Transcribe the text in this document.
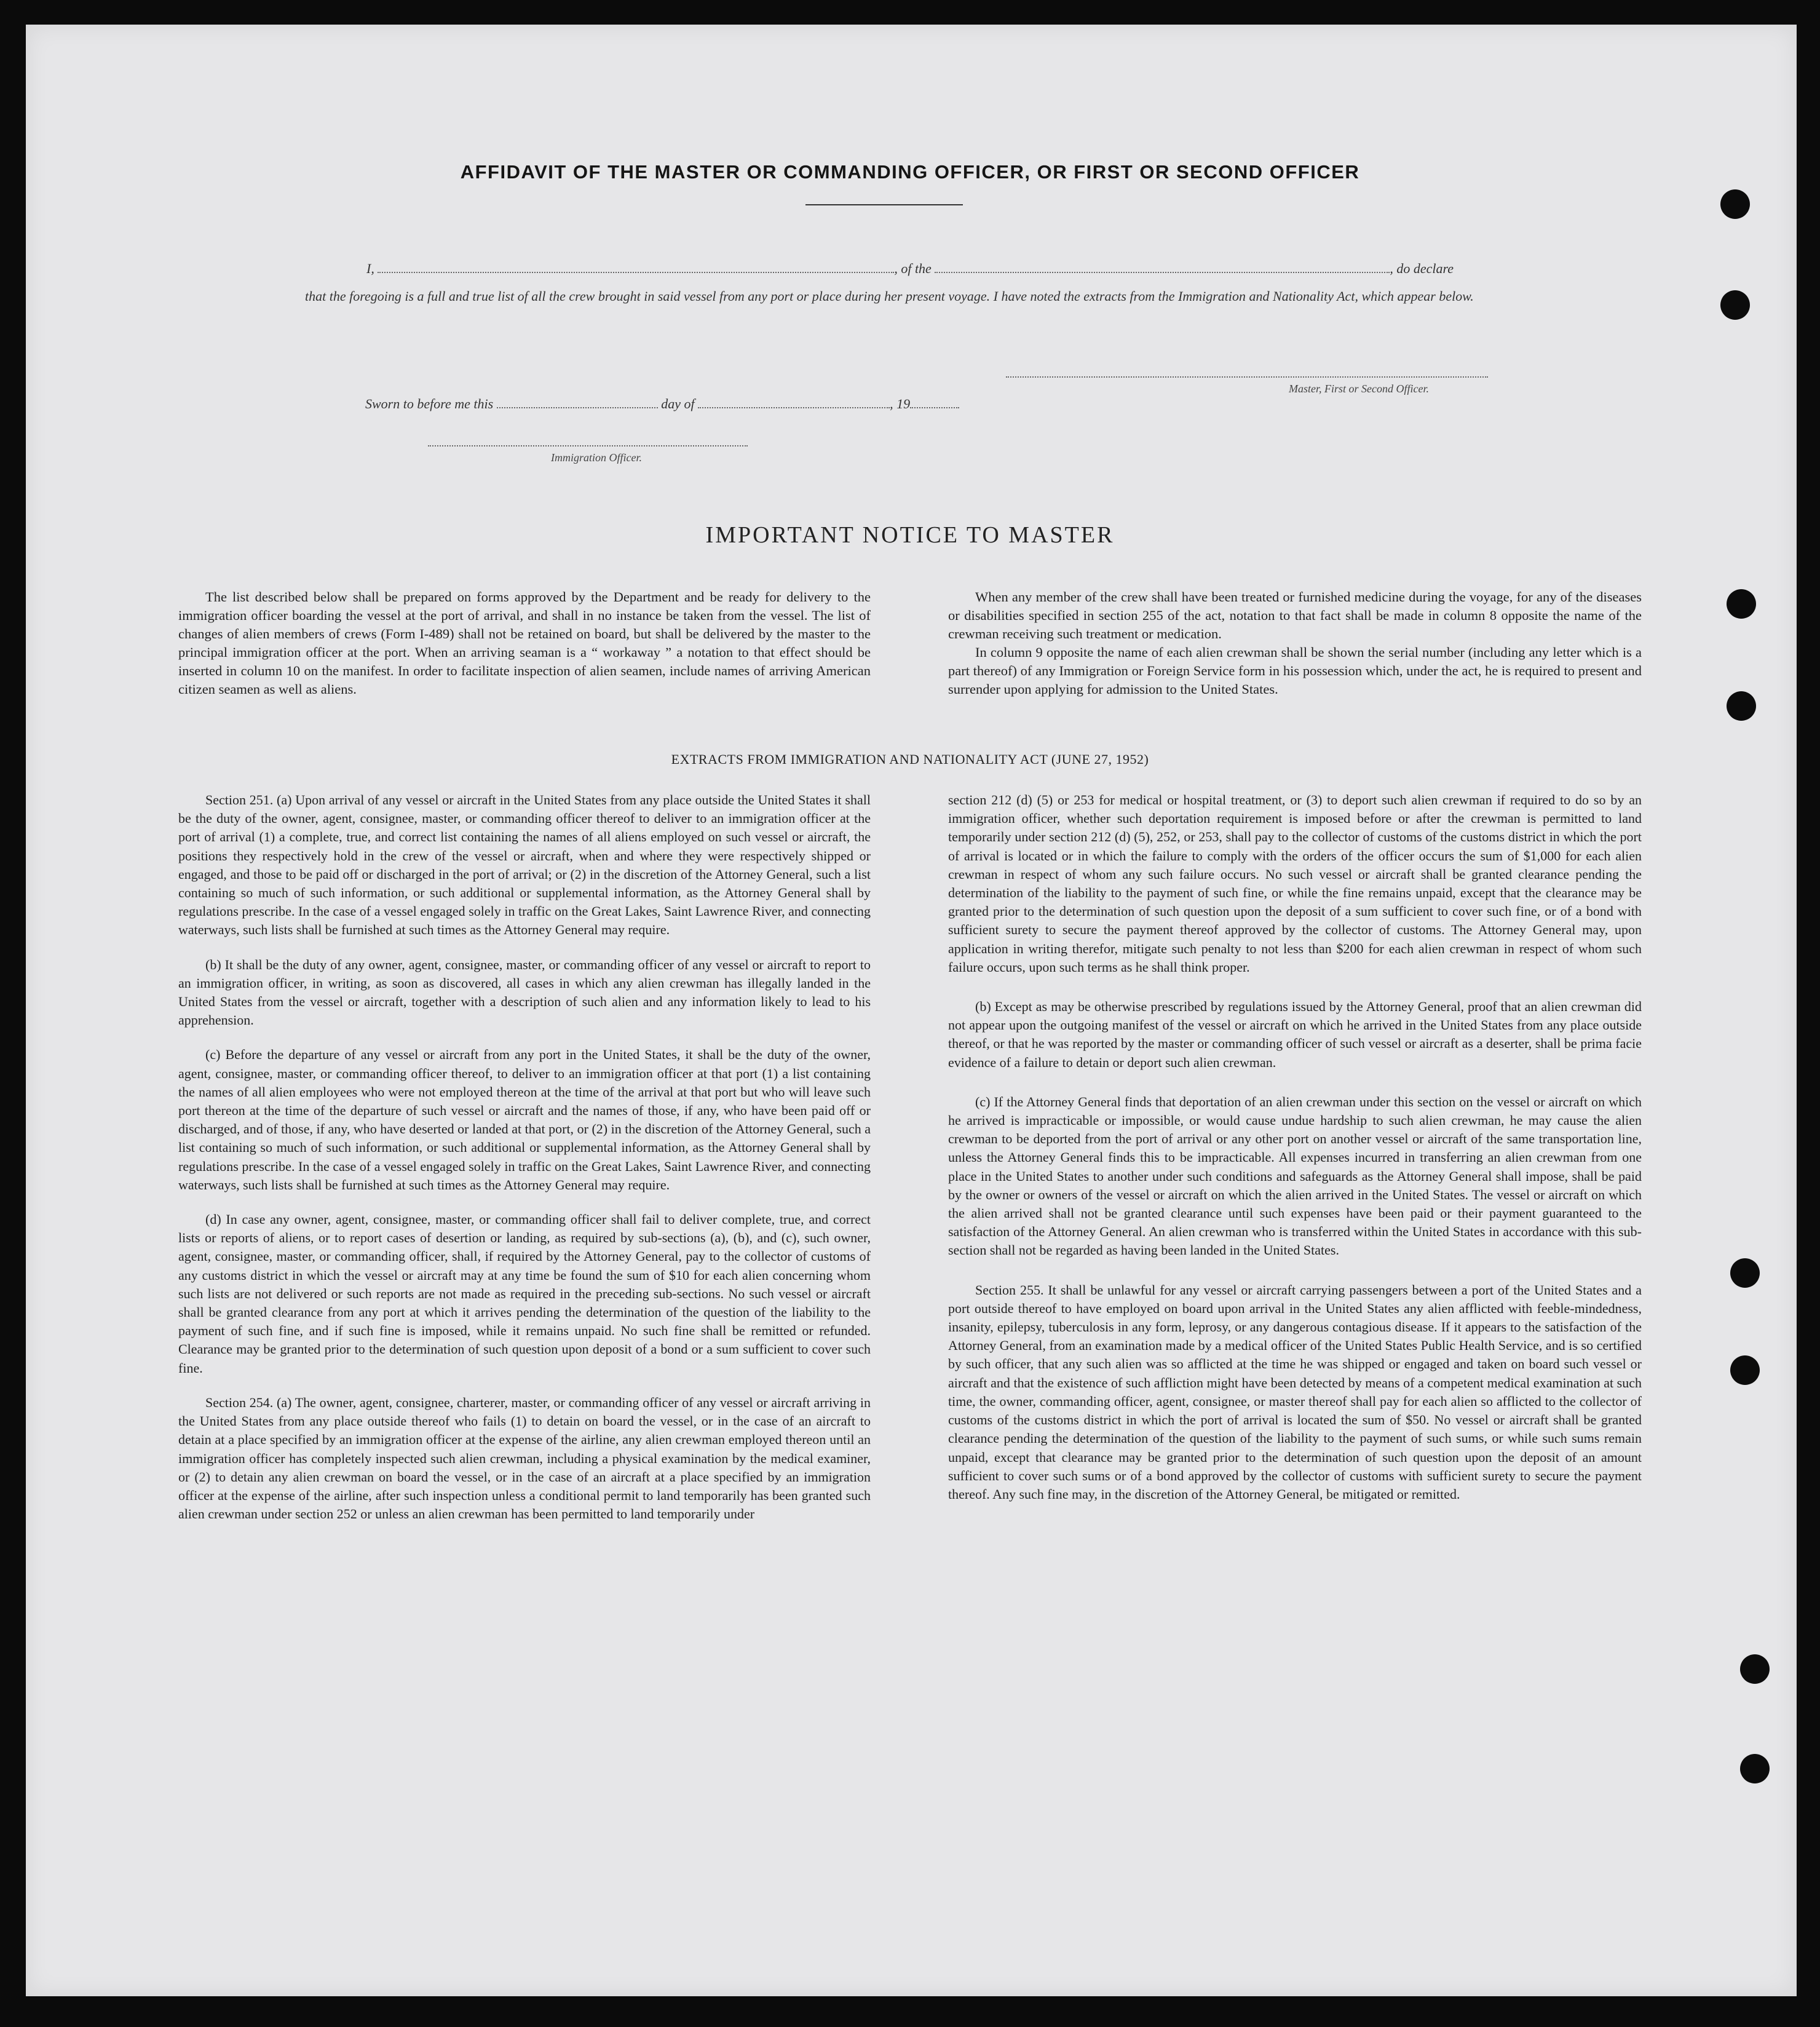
AFFIDAVIT OF THE MASTER OR COMMANDING OFFICER, OR FIRST OR SECOND OFFICER
I,	, of the	, do declare
that the foregoing is a full and true list of all the crew brought in said vessel from any port or place during her present voyage. I have noted the extracts from the Immigration and Nationality Act, which appear below.
Master, First or Second Officer.
Sworn to before me this	day of	, 19
Immigration Officer.
IMPORTANT NOTICE TO MASTER

The list described below shall be prepared on forms approved by the Department and be ready for delivery to the immigration officer boarding the vessel at the port of arrival, and shall in no instance be taken from the vessel. The list of changes of alien members of crews (Form I-489) shall not be retained on board, but shall be delivered by the master to the principal immigration officer at the port. When an arriving seaman is a “ workaway ” a notation to that effect should be inserted in column 10 on the manifest. In order to facilitate inspection of alien seamen, include names of arriving American citizen seamen as well as aliens.

When any member of the crew shall have been treated or furnished medicine during the voyage, for any of the diseases or disabilities specified in section 255 of the act, notation to that fact shall be made in column 8 opposite the name of the crewman receiving such treatment or medication.

In column 9 opposite the name of each alien crewman shall be shown the serial number (including any letter which is a part thereof) of any Immigration or Foreign Service form in his possession which, under the act, he is required to present and surrender upon applying for admission to the United States.

EXTRACTS FROM IMMIGRATION AND NATIONALITY ACT (JUNE 27, 1952)

Section 251. (a) Upon arrival of any vessel or aircraft in the United States from any place outside the United States it shall be the duty of the owner, agent, consignee, master, or commanding officer thereof to deliver to an immigration officer at the port of arrival (1) a complete, true, and correct list containing the names of all aliens employed on such vessel or aircraft, the positions they respectively hold in the crew of the vessel or aircraft, when and where they were respectively shipped or engaged, and those to be paid off or discharged in the port of arrival; or (2) in the discretion of the Attorney General, such a list containing so much of such information, or such additional or supplemental information, as the Attorney General shall by regulations prescribe. In the case of a vessel engaged solely in traffic on the Great Lakes, Saint Lawrence River, and connecting waterways, such lists shall be furnished at such times as the Attorney General may require.

(b) It shall be the duty of any owner, agent, consignee, master, or commanding officer of any vessel or aircraft to report to an immigration officer, in writing, as soon as discovered, all cases in which any alien crewman has illegally landed in the United States from the vessel or aircraft, together with a description of such alien and any information likely to lead to his apprehension.

(c) Before the departure of any vessel or aircraft from any port in the United States, it shall be the duty of the owner, agent, consignee, master, or commanding officer thereof, to deliver to an immigration officer at that port (1) a list containing the names of all alien employees who were not employed thereon at the time of the arrival at that port but who will leave such port thereon at the time of the departure of such vessel or aircraft and the names of those, if any, who have been paid off or discharged, and of those, if any, who have deserted or landed at that port, or (2) in the discretion of the Attorney General, such a list containing so much of such information, or such additional or supplemental information, as the Attorney General shall by regulations prescribe. In the case of a vessel engaged solely in traffic on the Great Lakes, Saint Lawrence River, and connecting waterways, such lists shall be furnished at such times as the Attorney General may require.

(d) In case any owner, agent, consignee, master, or commanding officer shall fail to deliver complete, true, and correct lists or reports of aliens, or to report cases of desertion or landing, as required by sub-sections (a), (b), and (c), such owner, agent, consignee, master, or commanding officer, shall, if required by the Attorney General, pay to the collector of customs of any customs district in which the vessel or aircraft may at any time be found the sum of $10 for each alien concerning whom such lists are not delivered or such reports are not made as required in the preceding sub-sections. No such vessel or aircraft shall be granted clearance from any port at which it arrives pending the determination of the question of the liability to the payment of such fine, and if such fine is imposed, while it remains unpaid. No such fine shall be remitted or refunded. Clearance may be granted prior to the determination of such question upon deposit of a bond or a sum sufficient to cover such fine.

Section 254. (a) The owner, agent, consignee, charterer, master, or commanding officer of any vessel or aircraft arriving in the United States from any place outside thereof who fails (1) to detain on board the vessel, or in the case of an aircraft to detain at a place specified by an immigration officer at the expense of the airline, any alien crewman employed thereon until an immigration officer has completely inspected such alien crewman, including a physical examination by the medical examiner, or (2) to detain any alien crewman on board the vessel, or in the case of an aircraft at a place specified by an immigration officer at the expense of the airline, after such inspection unless a conditional permit to land temporarily has been granted such alien crewman under section 252 or unless an alien crewman has been permitted to land temporarily under

section 212 (d) (5) or 253 for medical or hospital treatment, or (3) to deport such alien crewman if required to do so by an immigration officer, whether such deportation requirement is imposed before or after the crewman is permitted to land temporarily under section 212 (d) (5), 252, or 253, shall pay to the collector of customs of the customs district in which the port of arrival is located or in which the failure to comply with the orders of the officer occurs the sum of $1,000 for each alien crewman in respect of whom any such failure occurs. No such vessel or aircraft shall be granted clearance pending the determination of the liability to the payment of such fine, or while the fine remains unpaid, except that the clearance may be granted prior to the determination of such question upon the deposit of a sum sufficient to cover such fine, or of a bond with sufficient surety to secure the payment thereof approved by the collector of customs. The Attorney General may, upon application in writing therefor, mitigate such penalty to not less than $200 for each alien crewman in respect of whom such failure occurs, upon such terms as he shall think proper.

(b) Except as may be otherwise prescribed by regulations issued by the Attorney General, proof that an alien crewman did not appear upon the outgoing manifest of the vessel or aircraft on which he arrived in the United States from any place outside thereof, or that he was reported by the master or commanding officer of such vessel or aircraft as a deserter, shall be prima facie evidence of a failure to detain or deport such alien crewman.

(c) If the Attorney General finds that deportation of an alien crewman under this section on the vessel or aircraft on which he arrived is impracticable or impossible, or would cause undue hardship to such alien crewman, he may cause the alien crewman to be deported from the port of arrival or any other port on another vessel or aircraft of the same transportation line, unless the Attorney General finds this to be impracticable. All expenses incurred in transferring an alien crewman from one place in the United States to another under such conditions and safeguards as the Attorney General shall impose, shall be paid by the owner or owners of the vessel or aircraft on which the alien arrived in the United States. The vessel or aircraft on which the alien arrived shall not be granted clearance until such expenses have been paid or their payment guaranteed to the satisfaction of the Attorney General. An alien crewman who is transferred within the United States in accordance with this sub-section shall not be regarded as having been landed in the United States.

Section 255. It shall be unlawful for any vessel or aircraft carrying passengers between a port of the United States and a port outside thereof to have employed on board upon arrival in the United States any alien afflicted with feeble-mindedness, insanity, epilepsy, tuberculosis in any form, leprosy, or any dangerous contagious disease. If it appears to the satisfaction of the Attorney General, from an examination made by a medical officer of the United States Public Health Service, and is so certified by such officer, that any such alien was so afflicted at the time he was shipped or engaged and taken on board such vessel or aircraft and that the existence of such affliction might have been detected by means of a competent medical examination at such time, the owner, commanding officer, agent, consignee, or master thereof shall pay for each alien so afflicted to the collector of customs of the customs district in which the port of arrival is located the sum of $50. No vessel or aircraft shall be granted clearance pending the determination of the question of the liability to the payment of such sums, or while such sums remain unpaid, except that clearance may be granted prior to the determination of such question upon the deposit of an amount sufficient to cover such sums or of a bond approved by the collector of customs with sufficient surety to secure the payment thereof. Any such fine may, in the discretion of the Attorney General, be mitigated or remitted.
